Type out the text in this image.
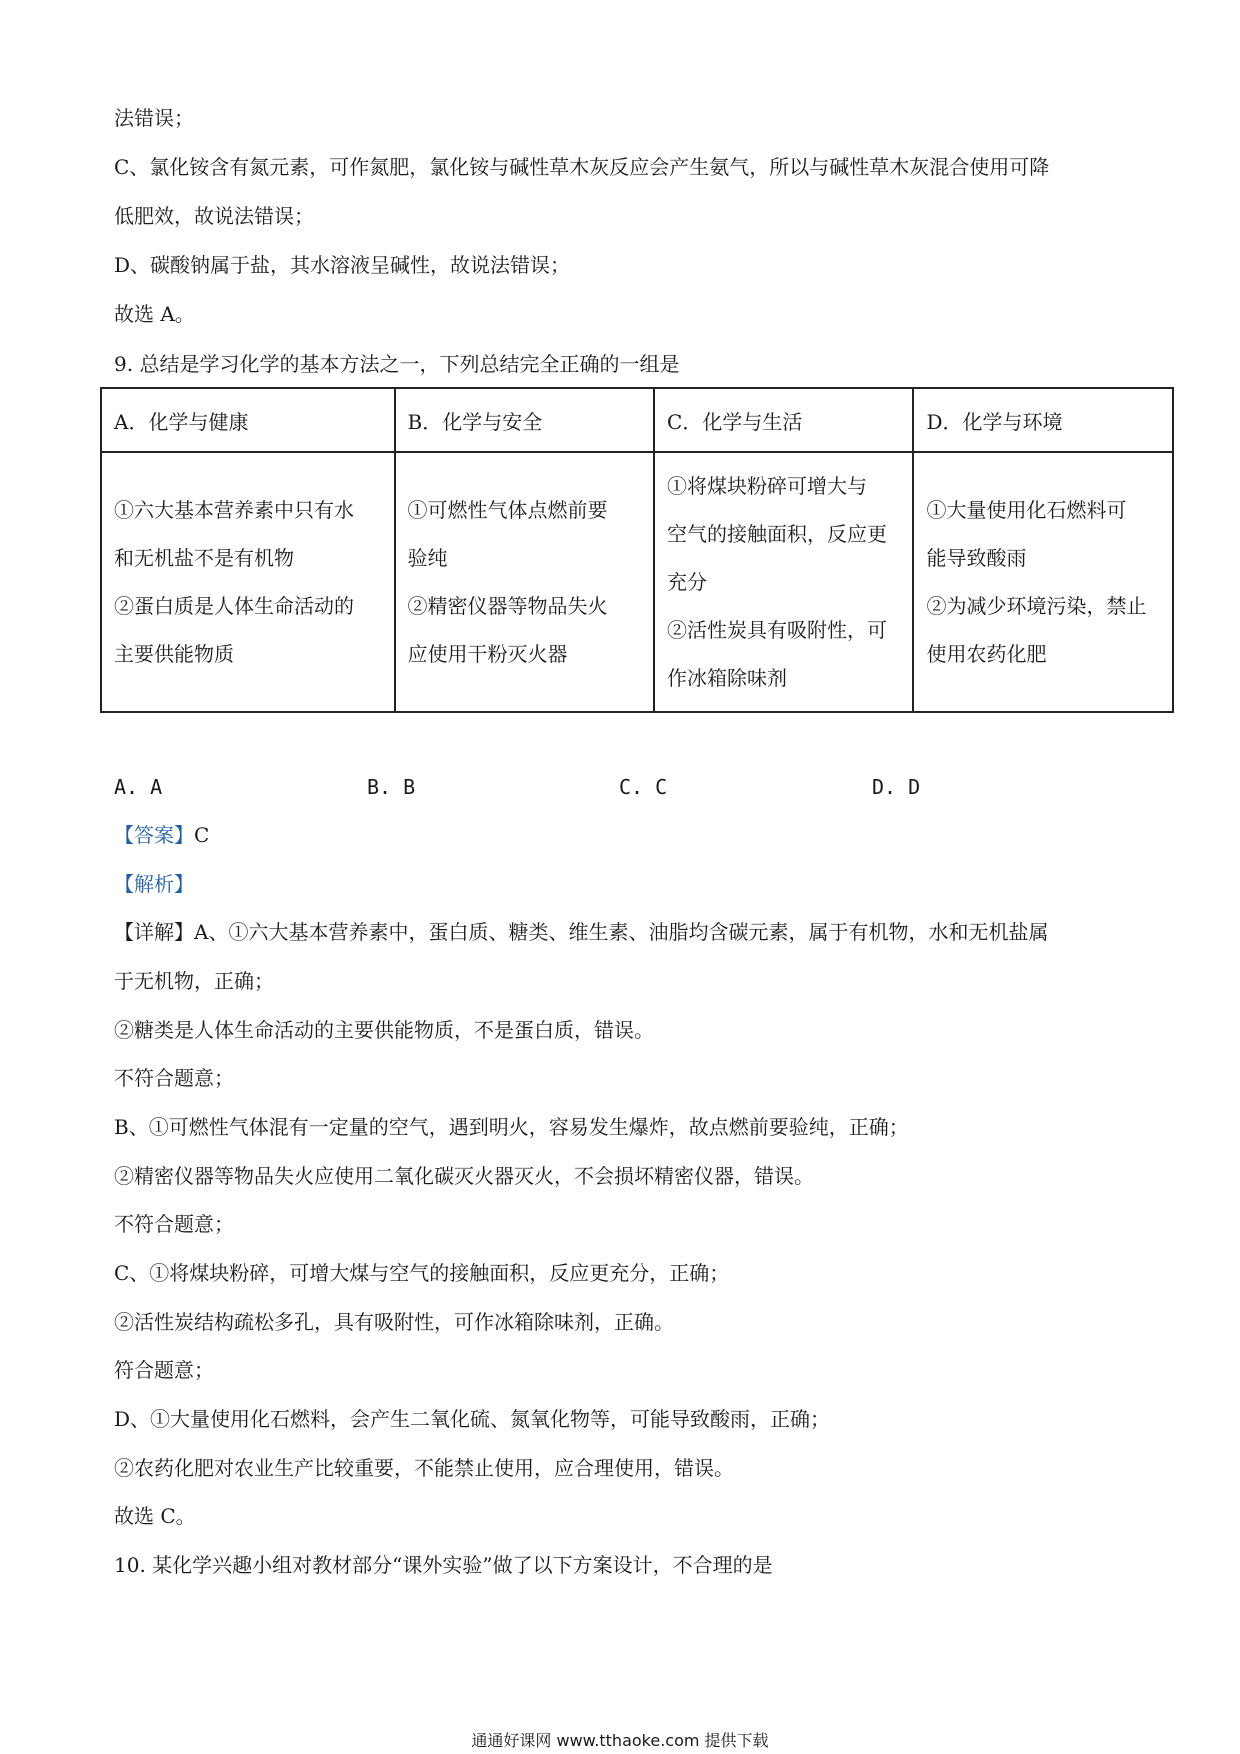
法错误；
C、氯化铵含有氮元素，可作氮肥，氯化铵与碱性草木灰反应会产生氨气，所以与碱性草木灰混合使用可降
低肥效，故说法错误；
D、碳酸钠属于盐，其水溶液呈碱性，故说法错误；
故选 A。
9. 总结是学习化学的基本方法之一，下列总结完全正确的一组是
A．化学与健康	B．化学与安全	C．化学与生活	D．化学与环境

①六大基本营养素中只有水
和无机盐不是有机物
②蛋白质是人体生命活动的
主要供能物质	①可燃性气体点燃前要
验纯
②精密仪器等物品失火
应使用干粉灭火器	①将煤块粉碎可增大与
空气的接触面积，反应更
充分
②活性炭具有吸附性，可
作冰箱除味剂	①大量使用化石燃料可
能导致酸雨
②为减少环境污染，禁止
使用农药化肥
A. A	B. B	C. C	D. D
【答案】C
【解析】
【详解】A、①六大基本营养素中，蛋白质、糖类、维生素、油脂均含碳元素，属于有机物，水和无机盐属
于无机物，正确；
②糖类是人体生命活动的主要供能物质，不是蛋白质，错误。
不符合题意；
B、①可燃性气体混有一定量的空气，遇到明火，容易发生爆炸，故点燃前要验纯，正确；
②精密仪器等物品失火应使用二氧化碳灭火器灭火，不会损坏精密仪器，错误。
不符合题意；
C、①将煤块粉碎，可增大煤与空气的接触面积，反应更充分，正确；
②活性炭结构疏松多孔，具有吸附性，可作冰箱除味剂，正确。
符合题意；
D、①大量使用化石燃料，会产生二氧化硫、氮氧化物等，可能导致酸雨，正确；
②农药化肥对农业生产比较重要，不能禁止使用，应合理使用，错误。
故选 C。
10. 某化学兴趣小组对教材部分“课外实验”做了以下方案设计，不合理的是
通通好课网 www.tthaoke.com 提供下载
